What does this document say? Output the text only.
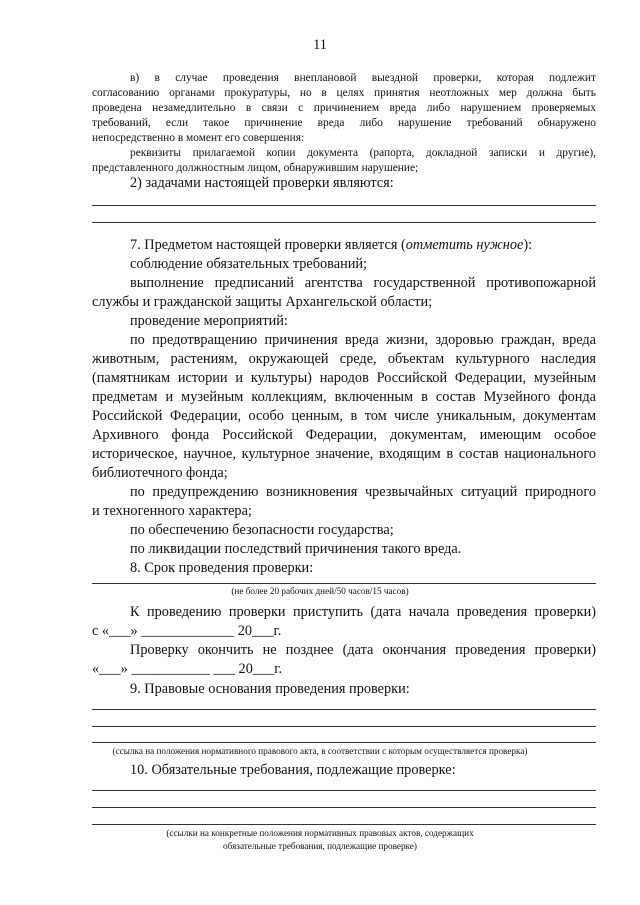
11
в) в случае проведения внеплановой выездной проверки, которая подлежит
согласованию органами прокуратуры, но в целях принятия неотложных мер должна быть
проведена незамедлительно в связи с причинением вреда либо нарушением проверяемых
требований, если такое причинение вреда либо нарушение требований обнаружено
непосредственно в момент его совершения:
реквизиты прилагаемой копии документа (рапорта, докладной записки и другие),
представленного должностным лицом, обнаружившим нарушение;
2) задачами настоящей проверки являются:
7. Предметом настоящей проверки является (отметить нужное):
соблюдение обязательных требований;
выполнение предписаний агентства государственной противопожарной
службы и гражданской защиты Архангельской области;
проведение мероприятий:
по предотвращению причинения вреда жизни, здоровью граждан, вреда
животным, растениям, окружающей среде, объектам культурного наследия
(памятникам истории и культуры) народов Российской Федерации, музейным
предметам и музейным коллекциям, включенным в состав Музейного фонда
Российской Федерации, особо ценным, в том числе уникальным, документам
Архивного фонда Российской Федерации, документам, имеющим особое
историческое, научное, культурное значение, входящим в состав национального
библиотечного фонда;
по предупреждению возникновения чрезвычайных ситуаций природного
и техногенного характера;
по обеспечению безопасности государства;
по ликвидации последствий причинения такого вреда.
8. Срок проведения проверки:
(не более 20 рабочих дней/50 часов/15 часов)
К проведению проверки приступить (дата начала проведения проверки)
с «___» _____________ 20___г.
Проверку окончить не позднее (дата окончания проведения проверки)
«___» ___________ ___ 20___г.
9. Правовые основания проведения проверки:
(ссылка на положения нормативного правового акта, в соответствии с которым осуществляется проверка)
10. Обязательные требования, подлежащие проверке:
(ссылки на конкретные положения нормативных правовых актов, содержащих
обязательные требования, подлежащие проверке)
